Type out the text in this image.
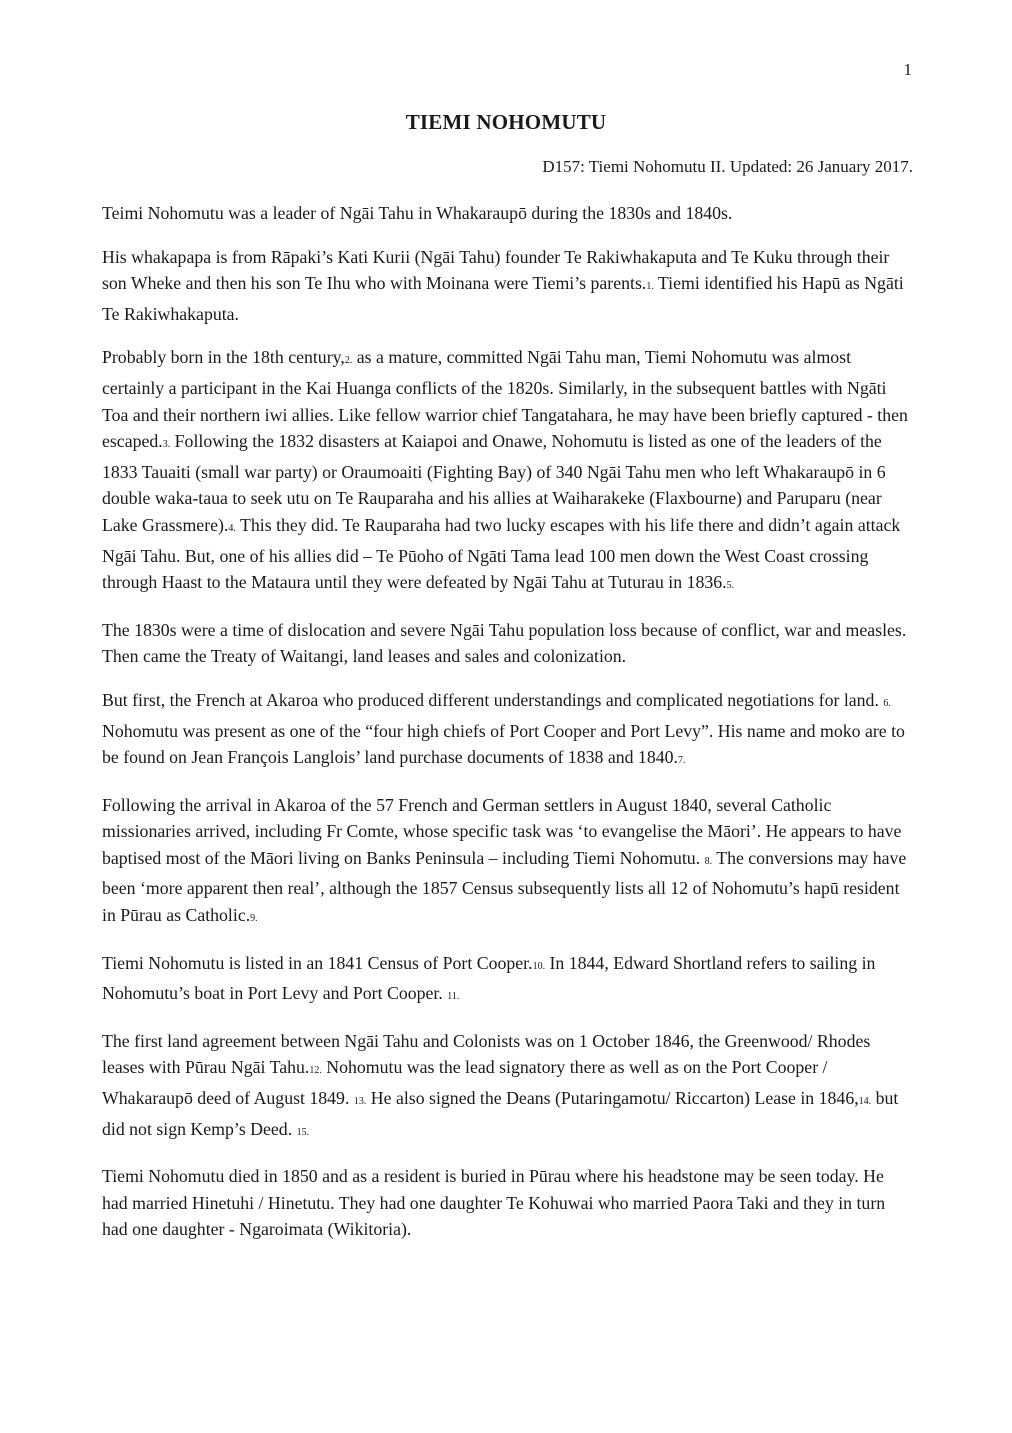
1

TIEMI NOHOMUTU

D157: Tiemi Nohomutu II. Updated: 26 January 2017.

Teimi Nohomutu was a leader of Ngāi Tahu in Whakaraupō during the 1830s and 1840s.

His whakapapa is from Rāpaki’s Kati Kurii (Ngāi Tahu) founder Te Rakiwhakaputa and Te Kuku through their son Wheke and then his son Te Ihu who with Moinana were Tiemi’s parents.1. Tiemi identified his Hapū as Ngāti Te Rakiwhakaputa.

Probably born in the 18th century,2. as a mature, committed Ngāi Tahu man, Tiemi Nohomutu was almost certainly a participant in the Kai Huanga conflicts of the 1820s. Similarly, in the subsequent battles with Ngāti Toa and their northern iwi allies. Like fellow warrior chief Tangatahara, he may have been briefly captured - then escaped.3. Following the 1832 disasters at Kaiapoi and Onawe, Nohomutu is listed as one of the leaders of the 1833 Tauaiti (small war party) or Oraumoaiti (Fighting Bay) of 340 Ngāi Tahu men who left Whakaraupō in 6 double waka-taua to seek utu on Te Rauparaha and his allies at Waiharakeke (Flaxbourne) and Paruparu (near Lake Grassmere).4. This they did. Te Rauparaha had two lucky escapes with his life there and didn’t again attack Ngāi Tahu. But, one of his allies did – Te Pūoho of Ngāti Tama lead 100 men down the West Coast crossing through Haast to the Mataura until they were defeated by Ngāi Tahu at Tuturau in 1836.5.

The 1830s were a time of dislocation and severe Ngāi Tahu population loss because of conflict, war and measles. Then came the Treaty of Waitangi, land leases and sales and colonization.

But first, the French at Akaroa who produced different understandings and complicated negotiations for land. 6. Nohomutu was present as one of the “four high chiefs of Port Cooper and Port Levy”. His name and moko are to be found on Jean François Langlois’ land purchase documents of 1838 and 1840.7.

Following the arrival in Akaroa of the 57 French and German settlers in August 1840, several Catholic missionaries arrived, including Fr Comte, whose specific task was ‘to evangelise the Māori’. He appears to have baptised most of the Māori living on Banks Peninsula – including Tiemi Nohomutu. 8. The conversions may have been ‘more apparent then real’, although the 1857 Census subsequently lists all 12 of Nohomutu’s hapū resident in Pūrau as Catholic.9.

Tiemi Nohomutu is listed in an 1841 Census of Port Cooper.10. In 1844, Edward Shortland refers to sailing in Nohomutu’s boat in Port Levy and Port Cooper. 11.

The first land agreement between Ngāi Tahu and Colonists was on 1 October 1846, the Greenwood/ Rhodes leases with Pūrau Ngāi Tahu.12. Nohomutu was the lead signatory there as well as on the Port Cooper / Whakaraupō deed of August 1849. 13. He also signed the Deans (Putaringamotu/ Riccarton) Lease in 1846,14. but did not sign Kemp’s Deed. 15.

Tiemi Nohomutu died in 1850 and as a resident is buried in Pūrau where his headstone may be seen today. He had married Hinetuhi / Hinetutu. They had one daughter Te Kohuwai who married Paora Taki and they in turn had one daughter - Ngaroimata (Wikitoria).
